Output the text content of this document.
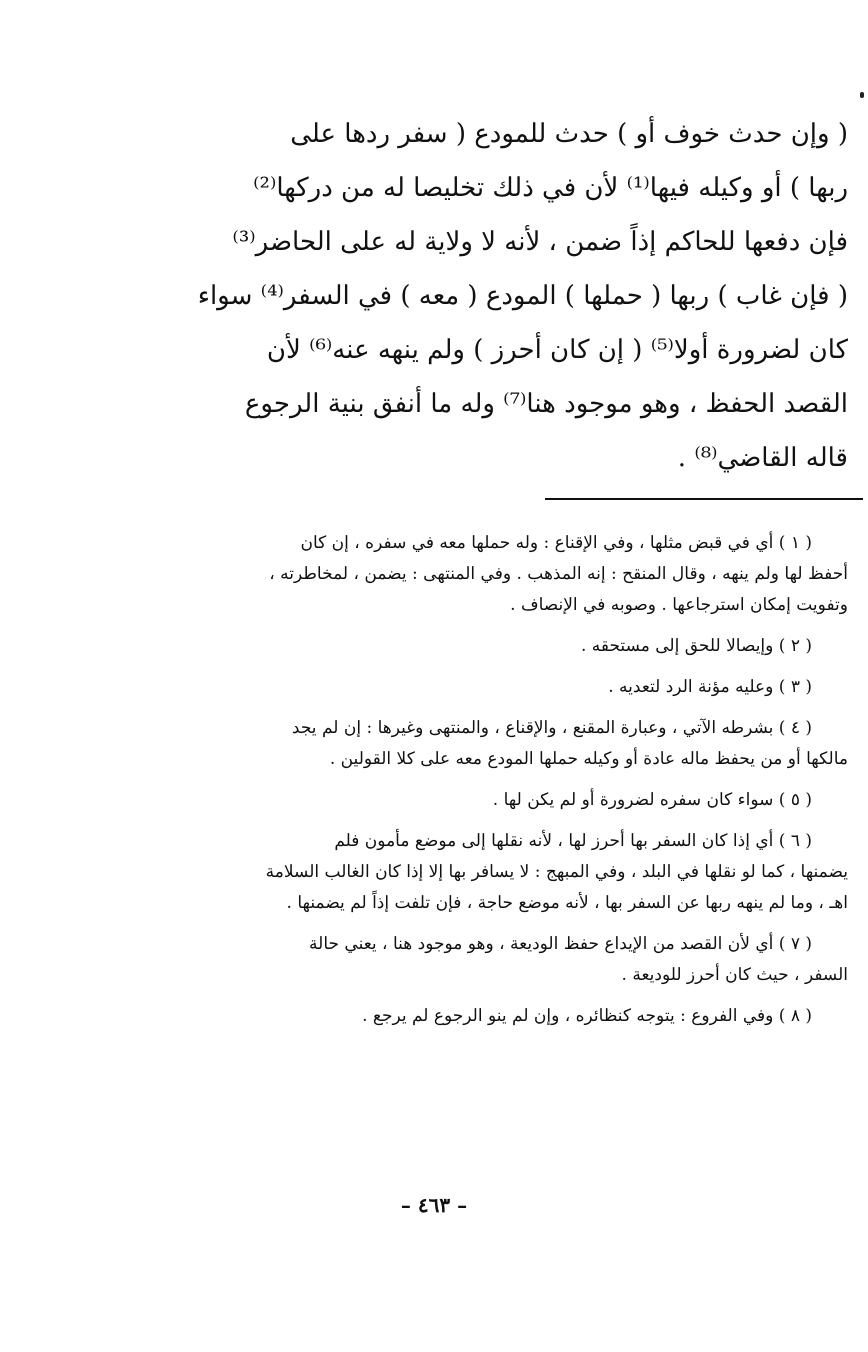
( وإن حدث خوف أو ) حدث للمودع ( سفر ردها على
ربها ) أو وكيله فيها⁽¹⁾ لأن في ذلك تخليصا له من دركها⁽²⁾
فإن دفعها للحاكم إذاً ضمن ، لأنه لا ولاية له على الحاضر⁽³⁾
( فإن غاب ) ربها ( حملها ) المودع ( معه ) في السفر⁽⁴⁾ سواء
كان لضرورة أولا⁽⁵⁾ ( إن كان أحرز ) ولم ينهه عنه⁽⁶⁾ لأن
القصد الحفظ ، وهو موجود هنا⁽⁷⁾ وله ما أنفق بنية الرجوع
قاله القاضي⁽⁸⁾ .
( ١ ) أي في قبض مثلها ، وفي الإقناع : وله حملها معه في سفره ، إن كان
أحفظ لها ولم ينهه ، وقال المنقح : إنه المذهب . وفي المنتهى : يضمن ، لمخاطرته ،
وتفويت إمكان استرجاعها . وصوبه في الإنصاف .
( ٢ ) وإيصالا للحق إلى مستحقه .
( ٣ ) وعليه مؤنة الرد لتعديه .
( ٤ ) بشرطه الآتي ، وعبارة المقنع ، والإقناع ، والمنتهى وغيرها : إن لم يجد
مالكها أو من يحفظ ماله عادة أو وكيله حملها المودع معه على كلا القولين .
( ٥ ) سواء كان سفره لضرورة أو لم يكن لها .
( ٦ ) أي إذا كان السفر بها أحرز لها ، لأنه نقلها إلى موضع مأمون فلم
يضمنها ، كما لو نقلها في البلد ، وفي المبهج : لا يسافر بها إلا إذا كان الغالب السلامة
اهـ ، وما لم ينهه ربها عن السفر بها ، لأنه موضع حاجة ، فإن تلفت إذاً لم يضمنها .
( ٧ ) أي لأن القصد من الإيداع حفظ الوديعة ، وهو موجود هنا ، يعني حالة
السفر ، حيث كان أحرز للوديعة .
( ٨ ) وفي الفروع : يتوجه كنظائره ، وإن لم ينو الرجوع لم يرجع .
– ٤٦٣ –
